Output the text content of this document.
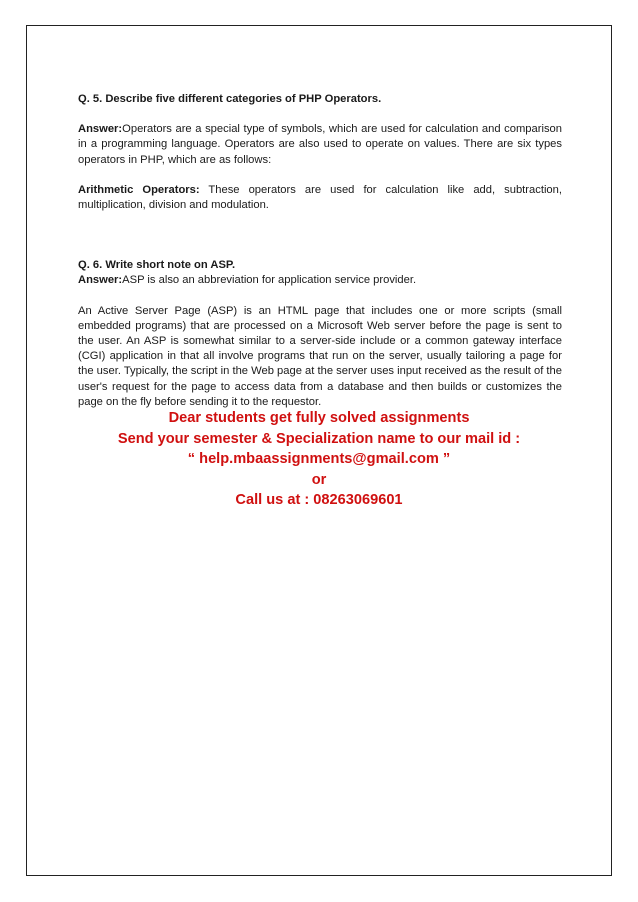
Q. 5. Describe five different categories of PHP Operators.

Answer:Operators are a special type of symbols, which are used for calculation and comparison in a programming language. Operators are also used to operate on values. There are six types operators in PHP, which are as follows:

Arithmetic Operators: These operators are used for calculation like add, subtraction, multiplication, division and modulation.

Q. 6. Write short note on ASP.

Answer:ASP is also an abbreviation for application service provider.

An Active Server Page (ASP) is an HTML page that includes one or more scripts (small embedded programs) that are processed on a Microsoft Web server before the page is sent to the user. An ASP is somewhat similar to a server-side include or a common gateway interface (CGI) application in that all involve programs that run on the server, usually tailoring a page for the user. Typically, the script in the Web page at the server uses input received as the result of the user's request for the page to access data from a database and then builds or customizes the page on the fly before sending it to the requestor.

Dear students get fully solved assignments
Send your semester & Specialization name to our mail id :
“ help.mbaassignments@gmail.com ”
or
Call us at : 08263069601
